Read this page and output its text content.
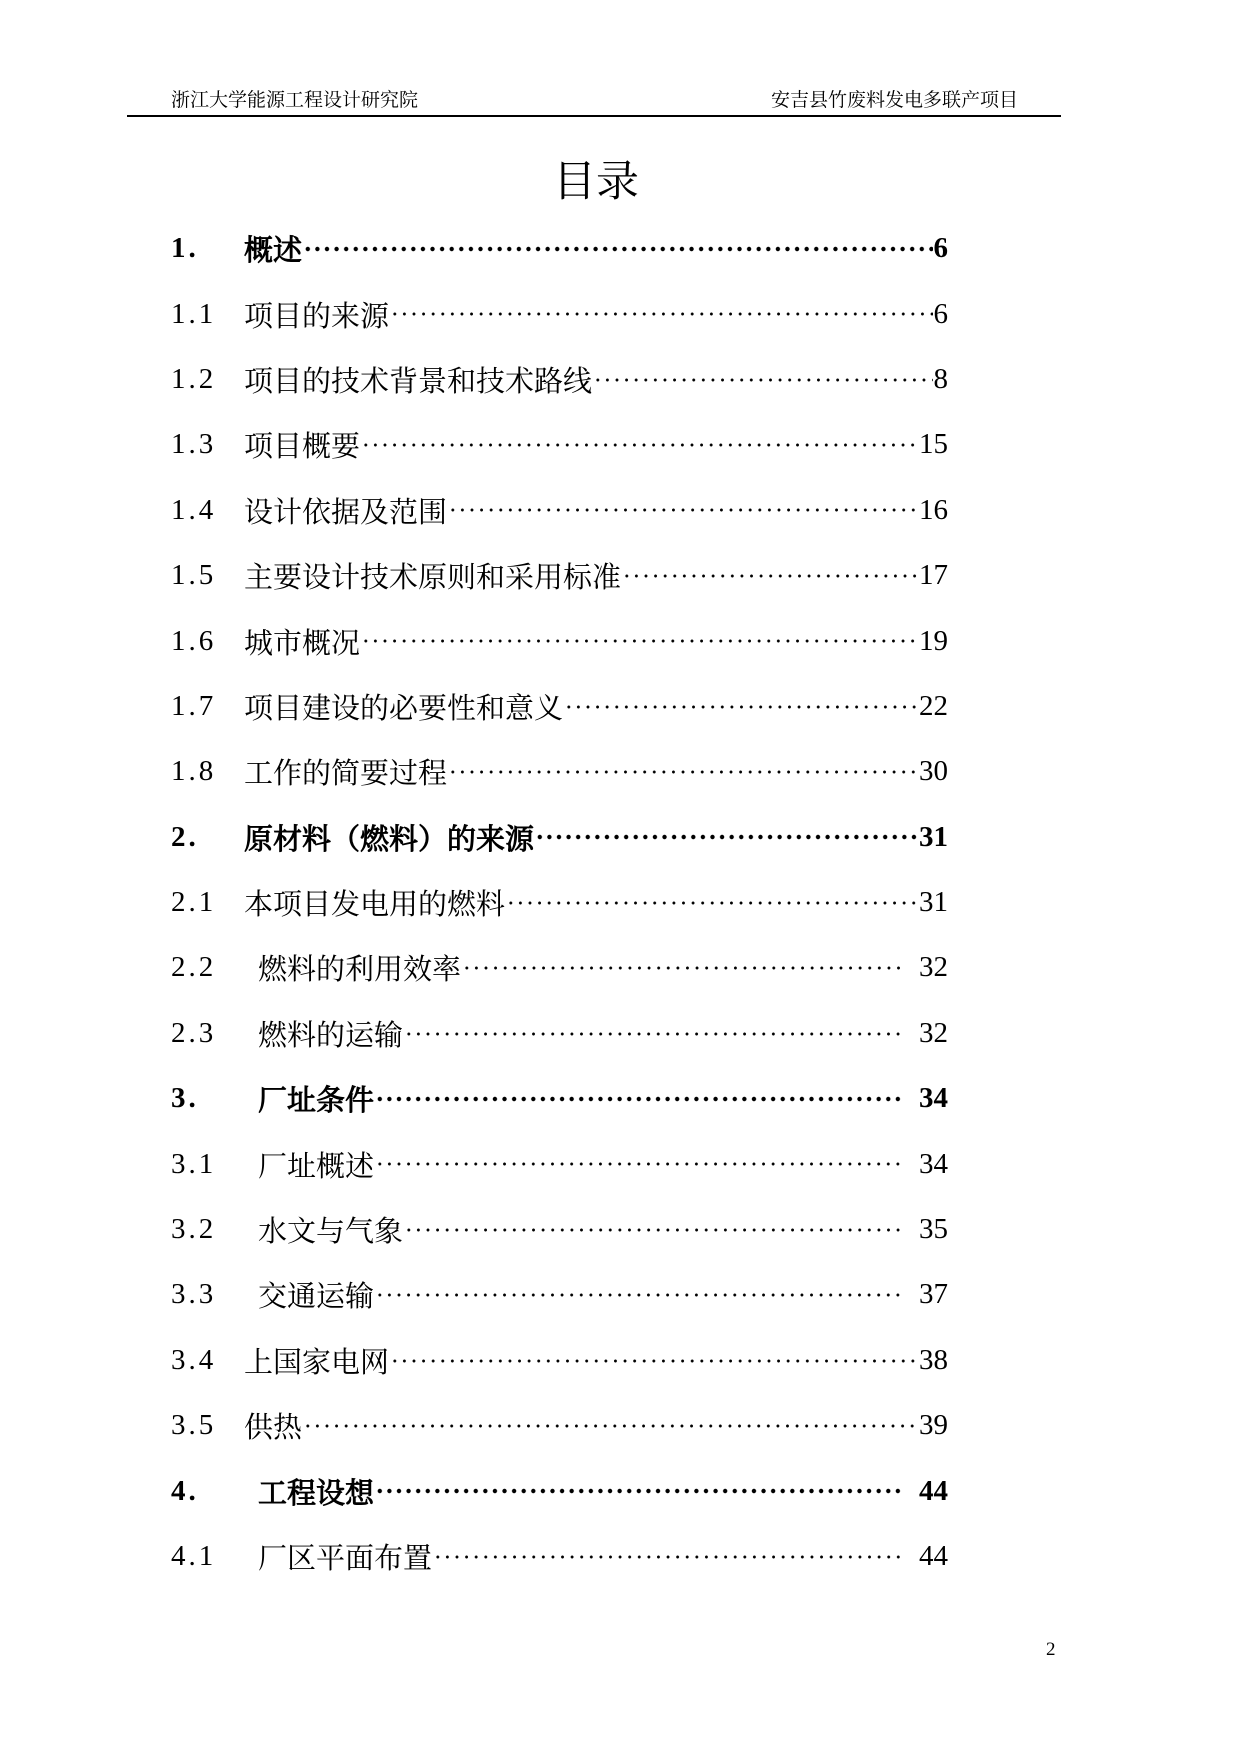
浙江大学能源工程设计研究院	安吉县竹废料发电多联产项目
目录
1.	概述	6
1.1 项目的来源	6
1.2 项目的技术背景和技术路线	8
1.3 项目概要	15
1.4 设计依据及范围	16
1.5 主要设计技术原则和采用标准	17
1.6 城市概况	19
1.7 项目建设的必要性和意义	22
1.8 工作的简要过程	30
2.	原材料（燃料）的来源	31
2.1 本项目发电用的燃料	31
2.2	燃料的利用效率	32
2.3	燃料的运输	32
3.	厂址条件	34
3.1	厂址概述	34
3.2	水文与气象	35
3.3	交通运输	37
3.4 上国家电网	38
3.5 供热	39
4.	工程设想	44
4.1	厂区平面布置	44
2
